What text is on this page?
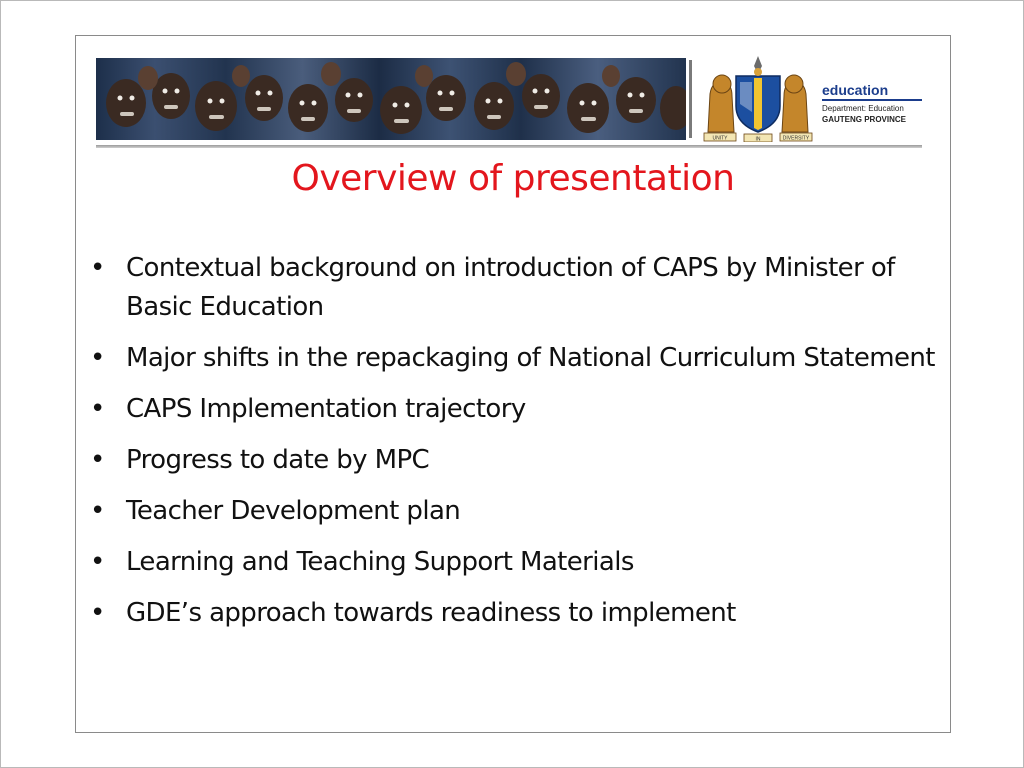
UNITY	IN	DIVERSITY
education
Department: Education
GAUTENG PROVINCE
Overview of presentation
• Contextual background on introduction of CAPS by Minister of Basic Education
• Major shifts in the repackaging of National Curriculum Statement
• CAPS Implementation trajectory
• Progress to date by MPC
• Teacher Development plan
• Learning and Teaching Support Materials
• GDE’s approach towards readiness to implement
